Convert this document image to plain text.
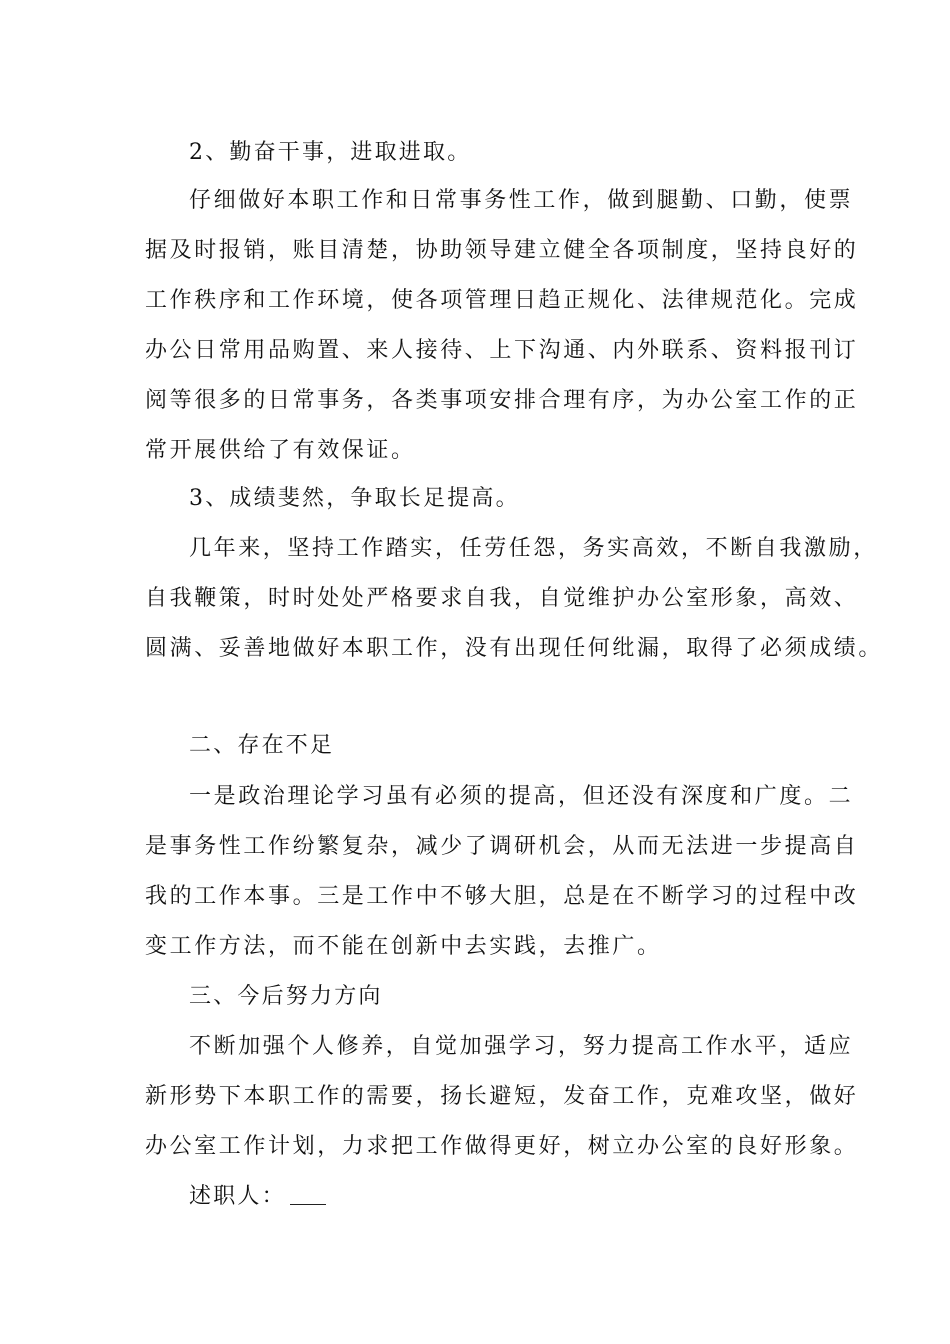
2、勤奋干事，进取进取。
仔细做好本职工作和日常事务性工作，做到腿勤、口勤，使票
据及时报销，账目清楚，协助领导建立健全各项制度，坚持良好的
工作秩序和工作环境，使各项管理日趋正规化、法律规范化。完成
办公日常用品购置、来人接待、上下沟通、内外联系、资料报刊订
阅等很多的日常事务，各类事项安排合理有序，为办公室工作的正
常开展供给了有效保证。
3、成绩斐然，争取长足提高。
几年来，坚持工作踏实，任劳任怨，务实高效，不断自我激励，
自我鞭策，时时处处严格要求自我，自觉维护办公室形象，高效、
圆满、妥善地做好本职工作，没有出现任何纰漏，取得了必须成绩。
二、存在不足
一是政治理论学习虽有必须的提高，但还没有深度和广度。二
是事务性工作纷繁复杂，减少了调研机会，从而无法进一步提高自
我的工作本事。三是工作中不够大胆，总是在不断学习的过程中改
变工作方法，而不能在创新中去实践，去推广。
三、今后努力方向
不断加强个人修养，自觉加强学习，努力提高工作水平，适应
新形势下本职工作的需要，扬长避短，发奋工作，克难攻坚，做好
办公室工作计划，力求把工作做得更好，树立办公室的良好形象。
述职人：
